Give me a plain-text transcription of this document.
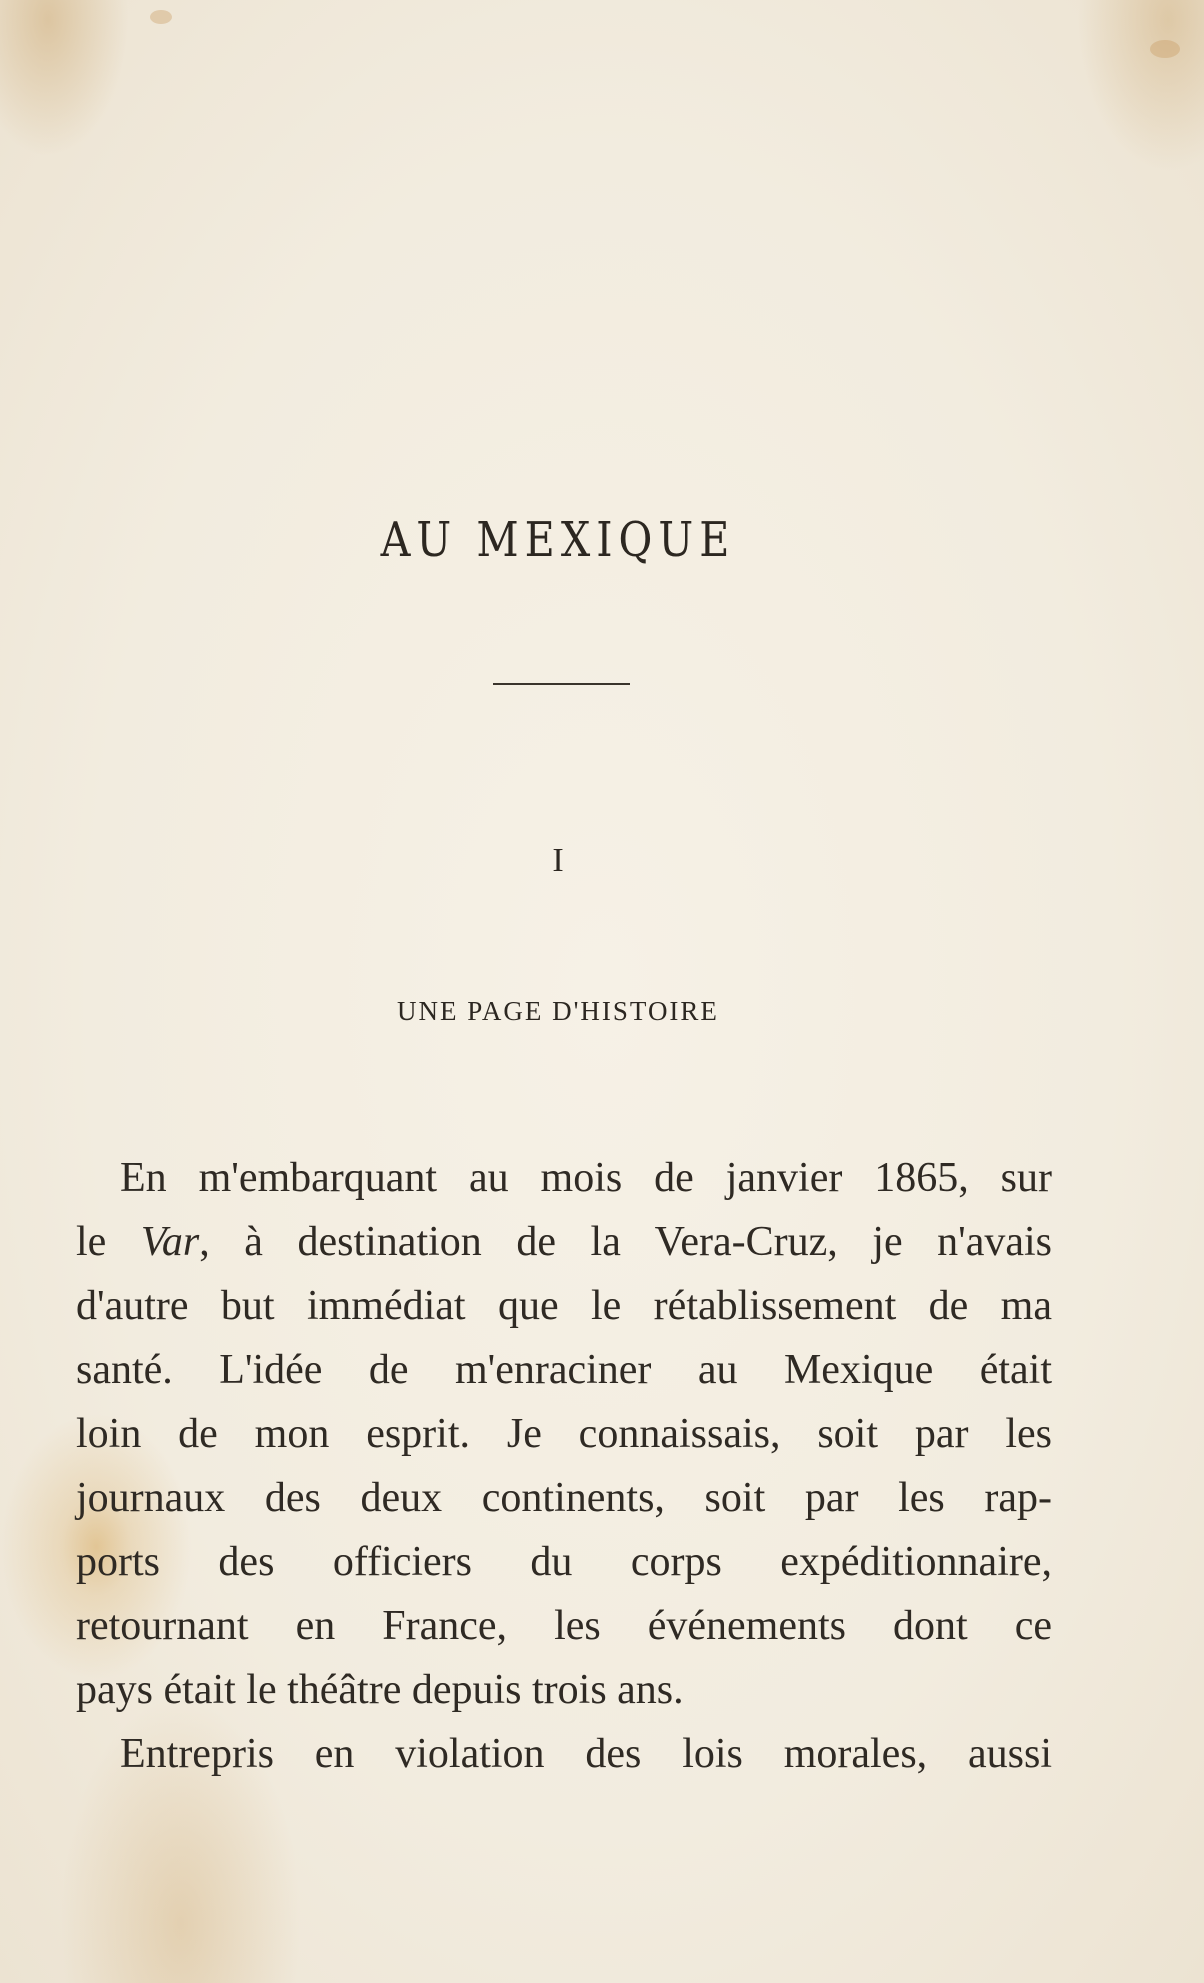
AU MEXIQUE
I
UNE PAGE D'HISTOIRE
En m'embarquant au mois de janvier 1865, sur
le Var, à destination de la Vera-Cruz, je n'avais
d'autre but immédiat que le rétablissement de ma
santé. L'idée de m'enraciner au Mexique était
loin de mon esprit. Je connaissais, soit par les
journaux des deux continents, soit par les rap-
ports des officiers du corps expéditionnaire,
retournant en France, les événements dont ce
pays était le théâtre depuis trois ans.
Entrepris en violation des lois morales, aussi
